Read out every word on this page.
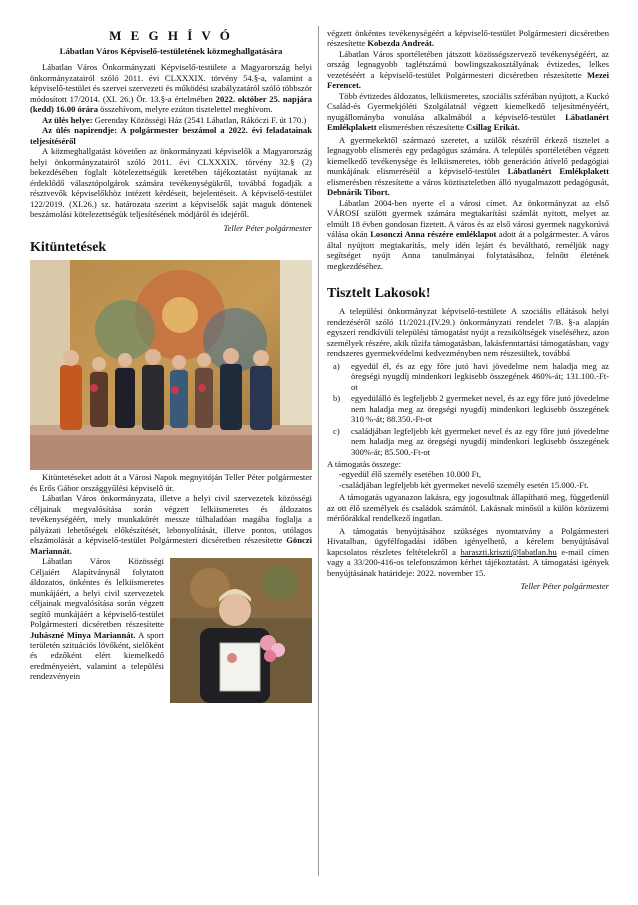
M E G H Í V Ó
Lábatlan Város Képviselő-testületének közmeghallgatására

Lábatlan Város Önkormányzati Képviselő-testülete a Magyarország helyi önkormányzatairól szóló 2011. évi CLXXXIX. törvény 54.§-a, valamint a képviselő-testület és szervei szervezeti és működési szabályzatáról szóló többször módosított 17/2014. (XI. 26.) Ör. 13.§-a értelmében 2022. október 25. napjára (kedd) 16.00 órára összehívom, melyre ezúton tisztelettel meghívom.

Az ülés helye: Gerenday Közösségi Ház (2541 Lábatlan, Rákóczi F. út 170.)

Az ülés napirendje: A polgármester beszámol a 2022. évi feladatainak teljesítéséről

A közmeghallgatást követően az önkormányzati képviselők a Magyarország helyi önkormányzatairól szóló 2011. évi CLXXXIX. törvény 32.§ (2) bekezdésében foglalt kötelezettségük keretében tájékoztatást nyújtanak az érdeklődő választópolgárok számára tevékenységükről, továbbá fogadják a résztvevők képviselőkhöz intézett kérdéseit, bejelentéseit. A képviselő-testület 122/2019. (XI.26.) sz. határozata szerint a képviselők saját maguk döntenek beszámolási kötelezettségük teljesítésének módjáról és idejéről.

Teller Péter polgármester
Kitüntetések

Kitüntetéseket adott át a Városi Napok megnyitóján Teller Péter polgármester és Erős Gábor országgyűlési képviselő úr.

Lábatlan Város önkormányzata, illetve a helyi civil szervezetek közösségi céljainak megvalósítása során végzett lelkiismeretes és áldozatos tevékenységéért, mely munkakörét messze túlhaladóan magába foglalja a pályázati lehetőségek előkészítését, lebonyolítását, illetve pontos, utólagos elszámolását a képviselő-testület Polgármesteri dicséretben részesítette Gönczi Mariannát.

Lábatlan Város Közösségi Céljaiért Alapítványnál folytatott áldozatos, önkéntes és lelkiismeretes munkájáért, a helyi civil szervezetek céljainak megvalósítása során végzett segítő munkájáért a képviselő-testület Polgármesteri dicséretben részesítette Juhászné Minya Mariannát. A sport területén szituációs lövőként, sielőként és edzőként elért kiemelkedő eredményeiért, valamint a települési rendezvényein

végzett önkéntes tevékenységéért a képviselő-testület Polgármesteri dicséretben részesítette Kobezda Andreát.

Lábatlan Város sportéletében játszott közösségszervező tevékenységéért, az ország legnagyobb taglétszámú bowlingszakosztályának évtizedes, lelkes vezetéséért a képviselő-testület Polgármesteri dicséretben részesítette Mezei Ferencet.

Több évtizedes áldozatos, lelkiismeretes, szociális szférában nyújtott, a Kuckó Család-és Gyermekjóléti Szolgálatnál végzett kiemelkedő teljesítményéért, nyugállományba vonulása alkalmából a képviselő-testület Lábatlanért Emlékplakett elismerésben részesítette Csillag Erikát.

A gyermekektől származó szeretet, a szülők részéről érkező tisztelet a legnagyobb elismerés egy pedagógus számára. A település sportéletében végzett kiemelkedő tevékenysége és lelkiismeretes, több generáción átívelő pedagógiai munkájának elismeréséül a képviselő-testület Lábatlanért Emlékplakett elismerésben részesítette a város köztiszteletben álló nyugalmazott pedagógusát, Debnárik Tibort.

Lábatlan 2004-ben nyerte el a városi címet. Az önkormányzat az első VÁROSI szülött gyermek számára megtakarítási számlát nyitott, melyet az elmúlt 18 évben gondosan fizetett. A város és az első városi gyermek nagykorúvá válása okán Losonczi Anna részére emléklapot adott át a polgármester. A város által nyújtott megtakarítás, mely idén lejárt és beváltható, reméljük nagy segítséget nyújt Anna tanulmányai folytatásához, felnőtt életének megkezdéséhez.

Tisztelt Lakosok!

A települési önkormányzat képviselő-testülete A szociális ellátások helyi rendezéséről szóló 11/2021.(IV.29.) önkormányzati rendelet 7/B. §-a alapján egyszeri rendkívüli települési támogatást nyújt a rezsiköltségek viseléséhez, azon személyek részére, akik tűzifa támogatásban, lakásfenntartási támogatásban, vagy rendszeres gyermekvédelmi kedvezményben nem részesültek, továbbá

a)	egyedül él, és az egy főre jutó havi jövedelme nem haladja meg az öregségi nyugdíj mindenkori legkisebb összegének 460%-át; 131.100.-Ft-ot
b)	egyedülálló és legfeljebb 2 gyermeket nevel, és az egy főre jutó jövedelme nem haladja meg az öregségi nyugdíj mindenkori legkisebb összegének 310 %-át; 88.350.-Ft-ot
c)	családjában legfeljebb két gyermeket nevel és az egy főre jutó jövedelme nem haladja meg az öregségi nyugdíj mindenkori legkisebb összegének 300%-át; 85.500.-Ft-ot

A támogatás összege:

-egyedül élő személy esetében 10.000 Ft,

-családjában legfeljebb két gyermeket nevelő személy esetén 15.000.-Ft.

A támogatás ugyanazon lakásra, egy jogosultnak állapítható meg, függetlenül az ott élő személyek és családok számától. Lakásnak minősül a külön közüzemi mérőórákkal rendelkező ingatlan.

A támogatás benyújtásához szükséges nyomtatvány a Polgármesteri Hivatalban, ügyfélfogadási időben igényelhető, a kérelem benyújtásával kapcsolatos részletes feltételekről a haraszti.kriszti@labatlan.hu e-mail címen vagy a 33/200-416-os telefonszámon kérhet tájékoztatást. A támogatási igények benyújtásának határideje: 2022. november 15.

Teller Péter polgármester
